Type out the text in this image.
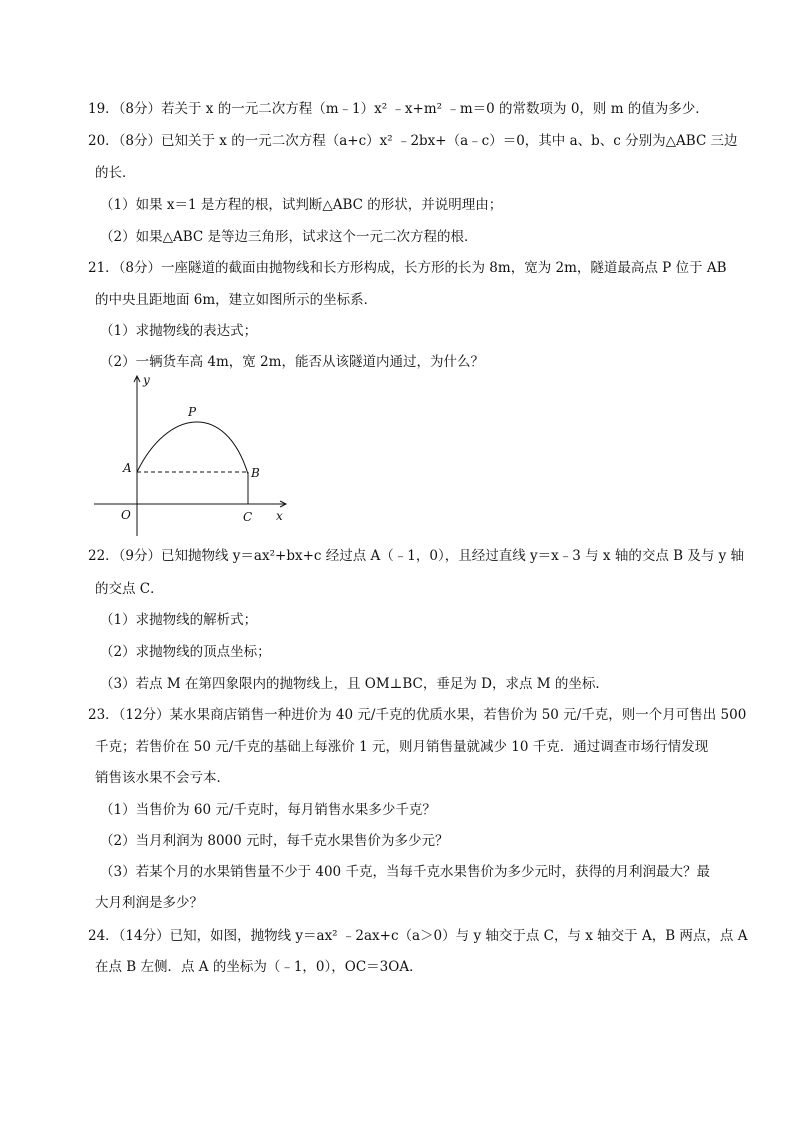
19．（8分）若关于 x 的一元二次方程（m﹣1）x² ﹣x+m² ﹣m＝0 的常数项为 0，则 m 的值为多少．
20．（8分）已知关于 x 的一元二次方程（a+c）x² ﹣2bx+（a﹣c）＝0，其中 a、b、c 分别为△ABC 三边
的长．
（1）如果 x＝1 是方程的根，试判断△ABC 的形状，并说明理由；
（2）如果△ABC 是等边三角形，试求这个一元二次方程的根．
21．（8分）一座隧道的截面由抛物线和长方形构成，长方形的长为 8m，宽为 2m，隧道最高点 P 位于 AB
的中央且距地面 6m，建立如图所示的坐标系．
（1）求抛物线的表达式；
（2）一辆货车高 4m，宽 2m，能否从该隧道内通过，为什么？
y
x
O
P
A	B
C
22．（9分）已知抛物线 y＝ax²+bx+c 经过点 A（﹣1，0），且经过直线 y＝x﹣3 与 x 轴的交点 B 及与 y 轴
的交点 C．
（1）求抛物线的解析式；
（2）求抛物线的顶点坐标；
（3）若点 M 在第四象限内的抛物线上，且 OM⊥BC，垂足为 D，求点 M 的坐标．
23．（12分）某水果商店销售一种进价为 40 元/千克的优质水果，若售价为 50 元/千克，则一个月可售出 500
千克；若售价在 50 元/千克的基础上每涨价 1 元，则月销售量就减少 10 千克．通过调查市场行情发现
销售该水果不会亏本．
（1）当售价为 60 元/千克时，每月销售水果多少千克？
（2）当月利润为 8000 元时，每千克水果售价为多少元？
（3）若某个月的水果销售量不少于 400 千克，当每千克水果售价为多少元时，获得的月利润最大？最
大月利润是多少？
24．（14分）已知，如图，抛物线 y＝ax² ﹣2ax+c（a＞0）与 y 轴交于点 C，与 x 轴交于 A，B 两点，点 A
在点 B 左侧．点 A 的坐标为（﹣1，0），OC＝3OA．
